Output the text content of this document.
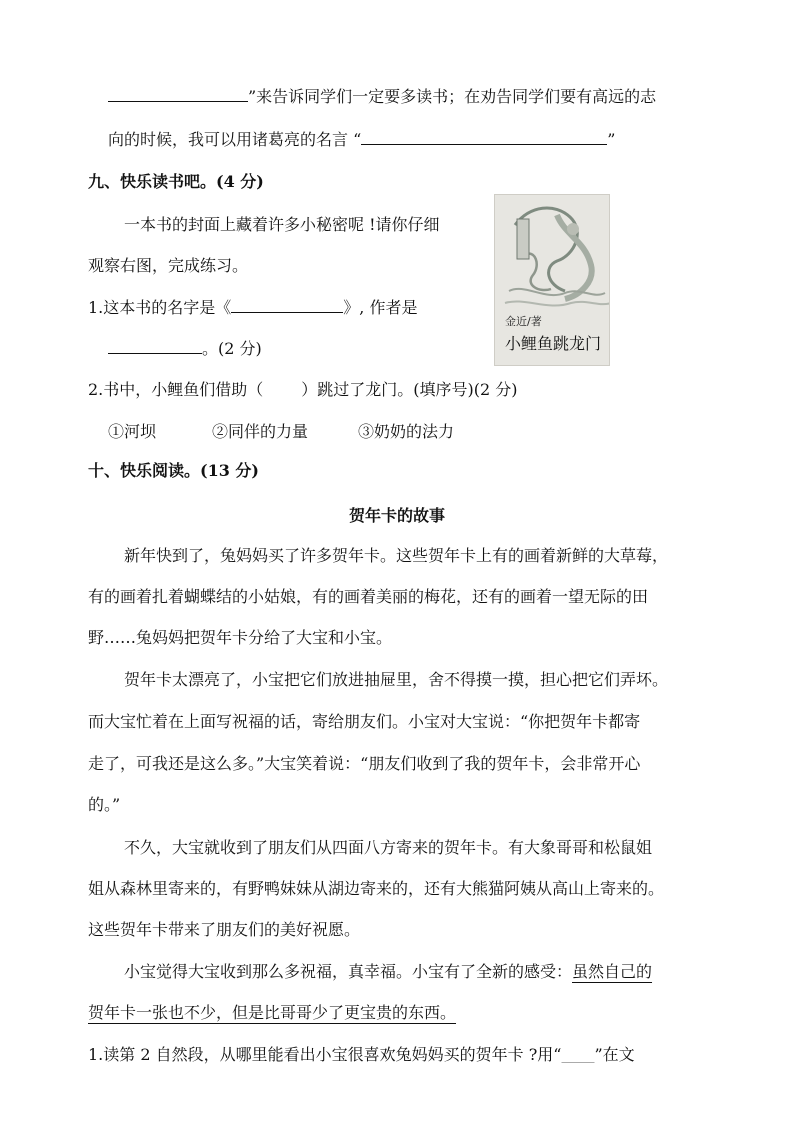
”来告诉同学们一定要多读书；在劝告同学们要有高远的志
向的时候，我可以用诸葛亮的名言 “	”
九、快乐读书吧。(4 分)
一本书的封面上藏着许多小秘密呢 !请你仔细
观察右图，完成练习。
1.这本书的名字是《	》, 作者是
。(2 分)
2.书中，小鲤鱼们借助（ ）跳过了龙门。(填序号)(2 分)
①河坝	②同伴的力量	③奶奶的法力
金近/著
小鲤鱼跳龙门
十、快乐阅读。(13 分)
贺年卡的故事
新年快到了，兔妈妈买了许多贺年卡。这些贺年卡上有的画着新鲜的大草莓，
有的画着扎着蝴蝶结的小姑娘，有的画着美丽的梅花，还有的画着一望无际的田
野……兔妈妈把贺年卡分给了大宝和小宝。
贺年卡太漂亮了，小宝把它们放进抽屉里，舍不得摸一摸，担心把它们弄坏。
而大宝忙着在上面写祝福的话，寄给朋友们。小宝对大宝说：“你把贺年卡都寄
走了，可我还是这么多。”大宝笑着说：“朋友们收到了我的贺年卡，会非常开心
的。”
不久，大宝就收到了朋友们从四面八方寄来的贺年卡。有大象哥哥和松鼠姐
姐从森林里寄来的，有野鸭妹妹从湖边寄来的，还有大熊猫阿姨从高山上寄来的。
这些贺年卡带来了朋友们的美好祝愿。
小宝觉得大宝收到那么多祝福，真幸福。小宝有了全新的感受：虽然自己的
贺年卡一张也不少，但是比哥哥少了更宝贵的东西。
1.读第 2 自然段，从哪里能看出小宝很喜欢兔妈妈买的贺年卡 ?用“______”在文
